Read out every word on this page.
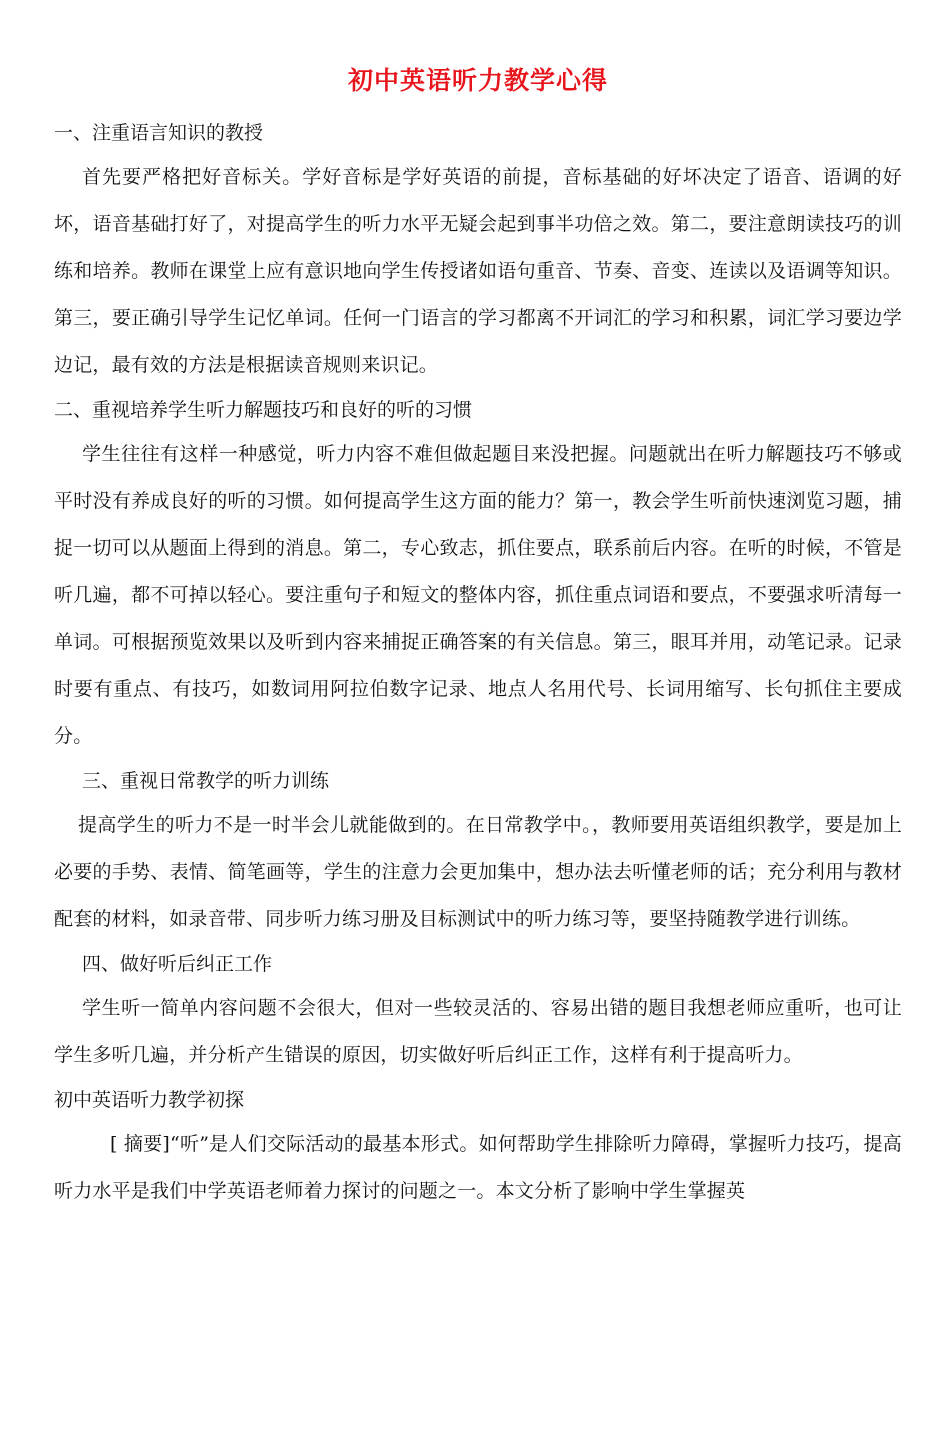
初中英语听力教学心得
一、注重语言知识的教授

首先要严格把好音标关。学好音标是学好英语的前提，音标基础的好坏决定了语音、语调的好坏，语音基础打好了，对提高学生的听力水平无疑会起到事半功倍之效。第二，要注意朗读技巧的训练和培养。教师在课堂上应有意识地向学生传授诸如语句重音、节奏、音变、连读以及语调等知识。第三，要正确引导学生记忆单词。任何一门语言的学习都离不开词汇的学习和积累，词汇学习要边学边记，最有效的方法是根据读音规则来识记。

二、重视培养学生听力解题技巧和良好的听的习惯

学生往往有这样一种感觉，听力内容不难但做起题目来没把握。问题就出在听力解题技巧不够或平时没有养成良好的听的习惯。如何提高学生这方面的能力？第一，教会学生听前快速浏览习题，捕捉一切可以从题面上得到的消息。第二，专心致志，抓住要点，联系前后内容。在听的时候，不管是听几遍，都不可掉以轻心。要注重句子和短文的整体内容，抓住重点词语和要点，不要强求听清每一单词。可根据预览效果以及听到内容来捕捉正确答案的有关信息。第三，眼耳并用，动笔记录。记录时要有重点、有技巧，如数词用阿拉伯数字记录、地点人名用代号、长词用缩写、长句抓住主要成分。

三、重视日常教学的听力训练

提高学生的听力不是一时半会儿就能做到的。在日常教学中。，教师要用英语组织教学，要是加上必要的手势、表情、简笔画等，学生的注意力会更加集中，想办法去听懂老师的话；充分利用与教材配套的材料，如录音带、同步听力练习册及目标测试中的听力练习等，要坚持随教学进行训练。

四、做好听后纠正工作

学生听一简单内容问题不会很大，但对一些较灵活的、容易出错的题目我想老师应重听，也可让学生多听几遍，并分析产生错误的原因，切实做好听后纠正工作，这样有利于提高听力。

初中英语听力教学初探

[ 摘要]“听”是人们交际活动的最基本形式。如何帮助学生排除听力障碍，掌握听力技巧，提高听力水平是我们中学英语老师着力探讨的问题之一。本文分析了影响中学生掌握英
